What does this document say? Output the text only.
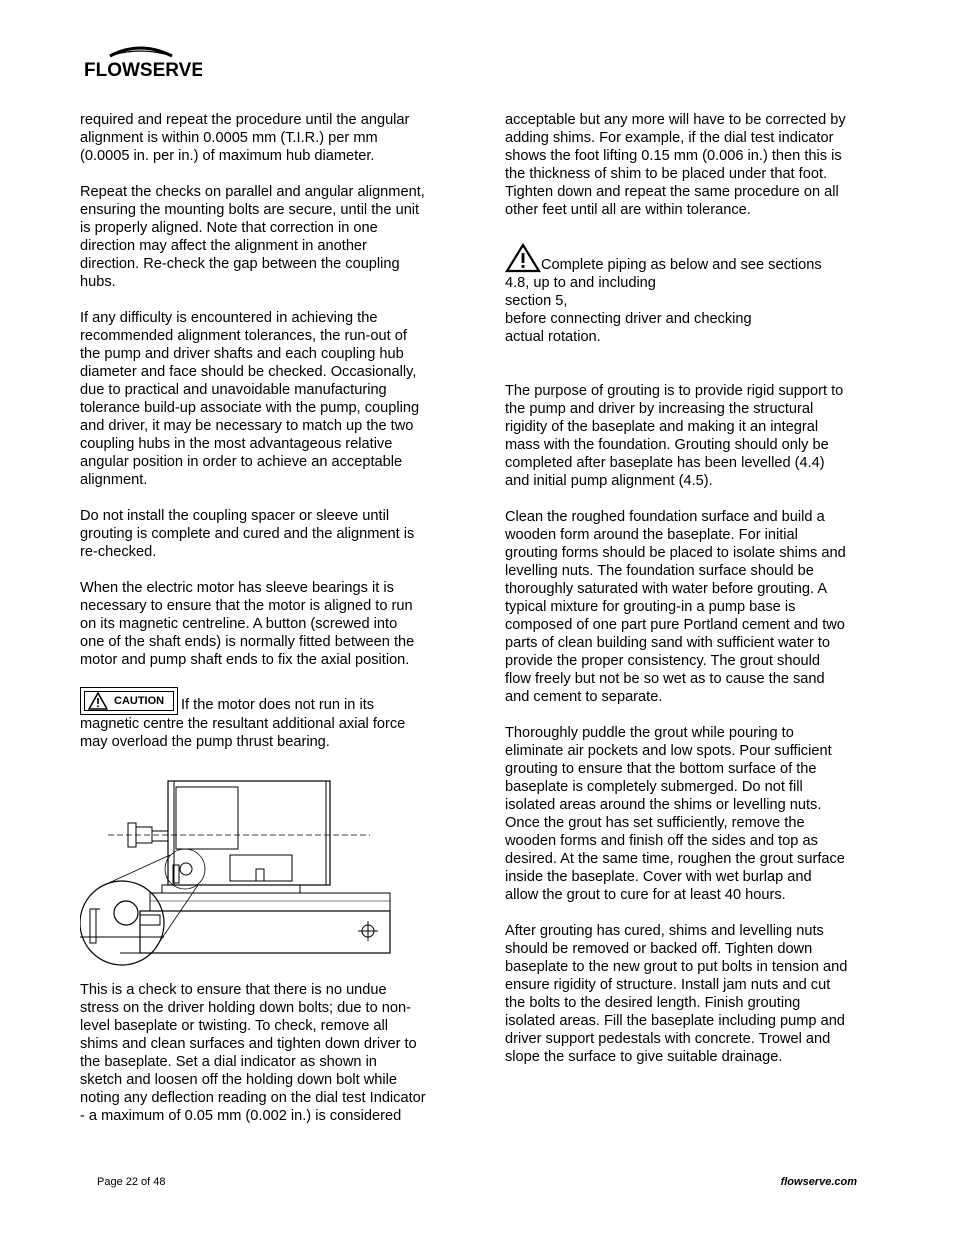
FLOWSERVE

required and repeat the procedure until the angular
alignment is within 0.0005 mm (T.I.R.) per mm
(0.0005 in. per in.) of maximum hub diameter.

Repeat the checks on parallel and angular alignment,
ensuring the mounting bolts are secure, until the unit
is properly aligned. Note that correction in one
direction may affect the alignment in another
direction. Re-check the gap between the coupling
hubs.

If any difficulty is encountered in achieving the
recommended alignment tolerances, the run-out of
the pump and driver shafts and each coupling hub
diameter and face should be checked. Occasionally,
due to practical and unavoidable manufacturing
tolerance build-up associate with the pump, coupling
and driver, it may be necessary to match up the two
coupling hubs in the most advantageous relative
angular position in order to achieve an acceptable
alignment.

Do not install the coupling spacer or sleeve until
grouting is complete and cured and the alignment is
re-checked.

When the electric motor has sleeve bearings it is
necessary to ensure that the motor is aligned to run
on its magnetic centreline. A button (screwed into
one of the shaft ends) is normally fitted between the
motor and pump shaft ends to fix the axial position.

CAUTION If the motor does not run in its
magnetic centre the resultant additional axial force
may overload the pump thrust bearing.

This is a check to ensure that there is no undue
stress on the driver holding down bolts; due to non-
level baseplate or twisting. To check, remove all
shims and clean surfaces and tighten down driver to
the baseplate. Set a dial indicator as shown in
sketch and loosen off the holding down bolt while
noting any deflection reading on the dial test Indicator
- a maximum of 0.05 mm (0.002 in.) is considered

acceptable but any more will have to be corrected by
adding shims. For example, if the dial test indicator
shows the foot lifting 0.15 mm (0.006 in.) then this is
the thickness of shim to be placed under that foot.
Tighten down and repeat the same procedure on all
other feet until all are within tolerance.

Complete piping as below and see sections
4.8, up to and including
section 5,
before connecting driver and checking
actual rotation.

The purpose of grouting is to provide rigid support to
the pump and driver by increasing the structural
rigidity of the baseplate and making it an integral
mass with the foundation. Grouting should only be
completed after baseplate has been levelled (4.4)
and initial pump alignment (4.5).

Clean the roughed foundation surface and build a
wooden form around the baseplate. For initial
grouting forms should be placed to isolate shims and
levelling nuts. The foundation surface should be
thoroughly saturated with water before grouting. A
typical mixture for grouting-in a pump base is
composed of one part pure Portland cement and two
parts of clean building sand with sufficient water to
provide the proper consistency. The grout should
flow freely but not be so wet as to cause the sand
and cement to separate.

Thoroughly puddle the grout while pouring to
eliminate air pockets and low spots. Pour sufficient
grouting to ensure that the bottom surface of the
baseplate is completely submerged. Do not fill
isolated areas around the shims or levelling nuts.
Once the grout has set sufficiently, remove the
wooden forms and finish off the sides and top as
desired. At the same time, roughen the grout surface
inside the baseplate. Cover with wet burlap and
allow the grout to cure for at least 40 hours.

After grouting has cured, shims and levelling nuts
should be removed or backed off. Tighten down
baseplate to the new grout to put bolts in tension and
ensure rigidity of structure. Install jam nuts and cut
the bolts to the desired length. Finish grouting
isolated areas. Fill the baseplate including pump and
driver support pedestals with concrete. Trowel and
slope the surface to give suitable drainage.

Page 22 of 48	flowserve.com
